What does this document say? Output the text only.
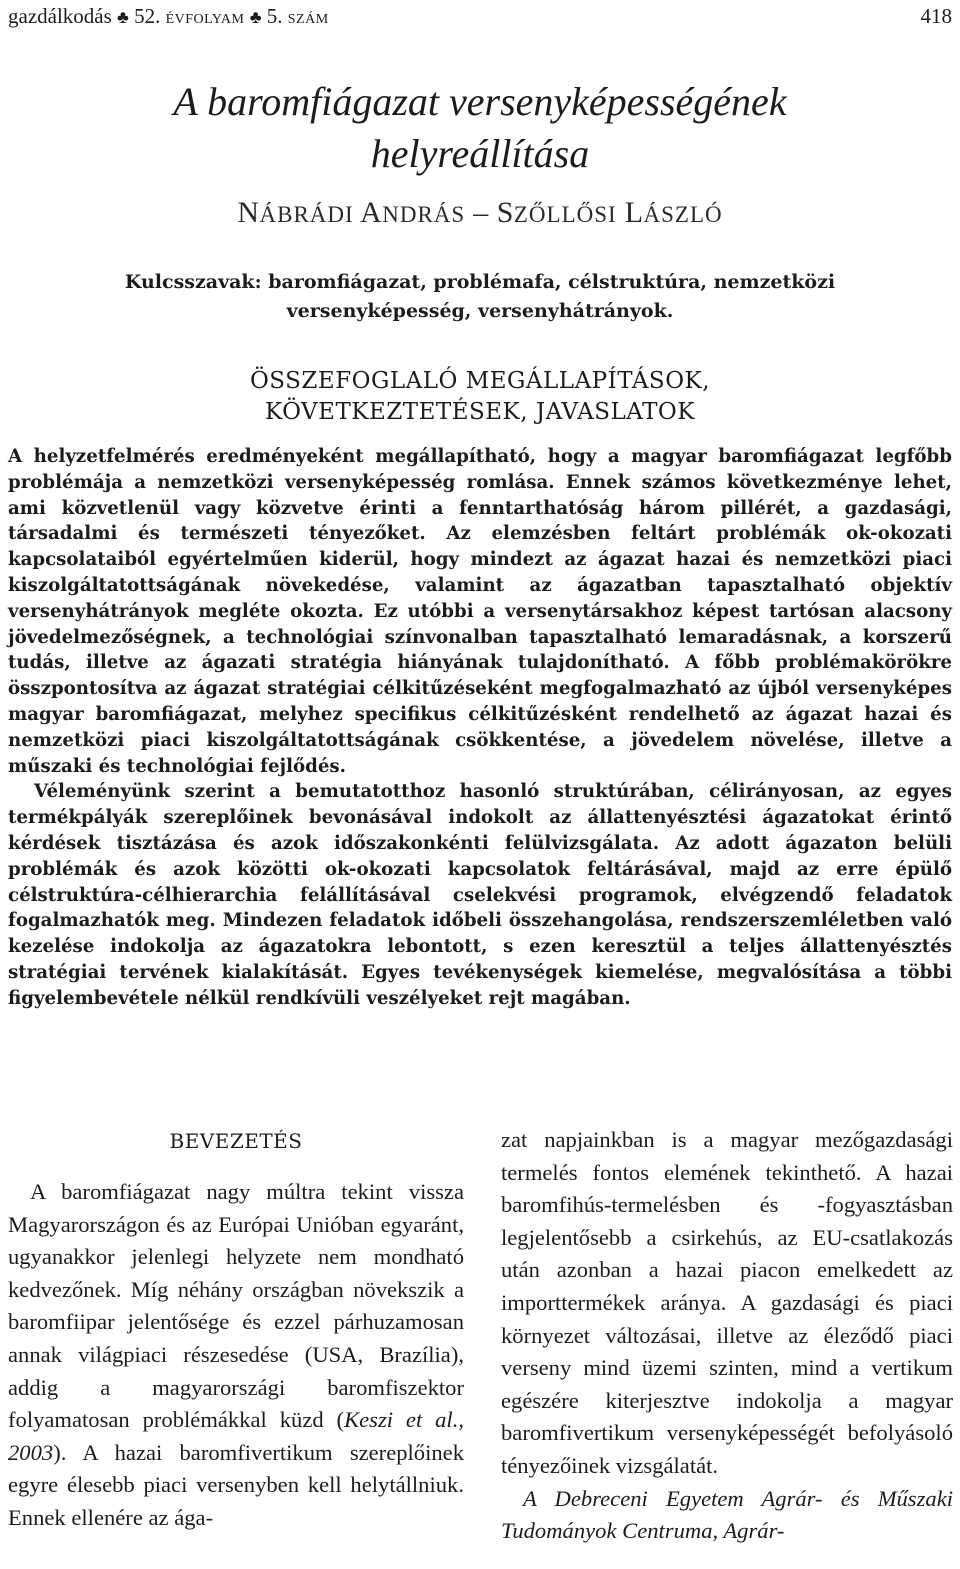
gazdálkodás ♣ 52. ÉVFOLYAM ♣ 5. SZÁM	418
A baromfiágazat versenyképességének
helyreállítása
NÁBRÁDI ANDRÁS – SZŐLLŐSI LÁSZLÓ
Kulcsszavak: baromfiágazat, problémafa, célstruktúra, nemzetközi versenyképesség, versenyhátrányok.
ÖSSZEFOGLALÓ MEGÁLLAPÍTÁSOK,
KÖVETKEZTETÉSEK, JAVASLATOK

A helyzetfelmérés eredményeként megállapítható, hogy a magyar baromfiágazat legfőbb problémája a nemzetközi versenyképesség romlása. Ennek számos következménye lehet, ami közvetlenül vagy közvetve érinti a fenntarthatóság három pillérét, a gazdasági, társadalmi és természeti tényezőket. Az elemzésben feltárt problémák ok-okozati kapcsolataiból egyértelműen kiderül, hogy mindezt az ágazat hazai és nemzetközi piaci kiszolgáltatottságának növekedése, valamint az ágazatban tapasztalható objektív versenyhátrányok megléte okozta. Ez utóbbi a versenytársakhoz képest tartósan alacsony jövedelmezőségnek, a technológiai színvonalban tapasztalható lemaradásnak, a korszerű tudás, illetve az ágazati stratégia hiányának tulajdonítható. A főbb problémakörökre összpontosítva az ágazat stratégiai célkitűzéseként megfogalmazható az újból versenyképes magyar baromfiágazat, melyhez specifikus célkitűzésként rendelhető az ágazat hazai és nemzetközi piaci kiszolgáltatottságának csökkentése, a jövedelem növelése, illetve a műszaki és technológiai fejlődés.

Véleményünk szerint a bemutatotthoz hasonló struktúrában, célirányosan, az egyes termékpályák szereplőinek bevonásával indokolt az állattenyésztési ágazatokat érintő kérdések tisztázása és azok időszakonkénti felülvizsgálata. Az adott ágazaton belüli problémák és azok közötti ok-okozati kapcsolatok feltárásával, majd az erre épülő célstruktúra-célhierarchia felállításával cselekvési programok, elvégzendő feladatok fogalmazhatók meg. Mindezen feladatok időbeli összehangolása, rendszerszemléletben való kezelése indokolja az ágazatokra lebontott, s ezen keresztül a teljes állattenyésztés stratégiai tervének kialakítását. Egyes tevékenységek kiemelése, megvalósítása a többi figyelembevétele nélkül rendkívüli veszélyeket rejt magában.

BEVEZETÉS

A baromfiágazat nagy múltra tekint vissza Magyarországon és az Európai Unióban egyaránt, ugyanakkor jelenlegi helyzete nem mondható kedvezőnek. Míg néhány országban növekszik a baromfiipar jelentősége és ezzel párhuzamosan annak világpiaci részesedése (USA, Brazília), addig a magyarországi baromfiszektor folyamatosan problémákkal küzd (Keszi et al., 2003). A hazai baromfivertikum szereplőinek egyre élesebb piaci versenyben kell helytállniuk. Ennek ellenére az ága-

zat napjainkban is a magyar mezőgazdasági termelés fontos elemének tekinthető. A hazai baromfihús-termelésben és -fogyasztásban legjelentősebb a csirkehús, az EU-csatlakozás után azonban a hazai piacon emelkedett az importtermékek aránya. A gazdasági és piaci környezet változásai, illetve az éleződő piaci verseny mind üzemi szinten, mind a vertikum egészére kiterjesztve indokolja a magyar baromfivertikum versenyképességét befolyásoló tényezőinek vizsgálatát.

A Debreceni Egyetem Agrár- és Műszaki Tudományok Centruma, Agrár-
